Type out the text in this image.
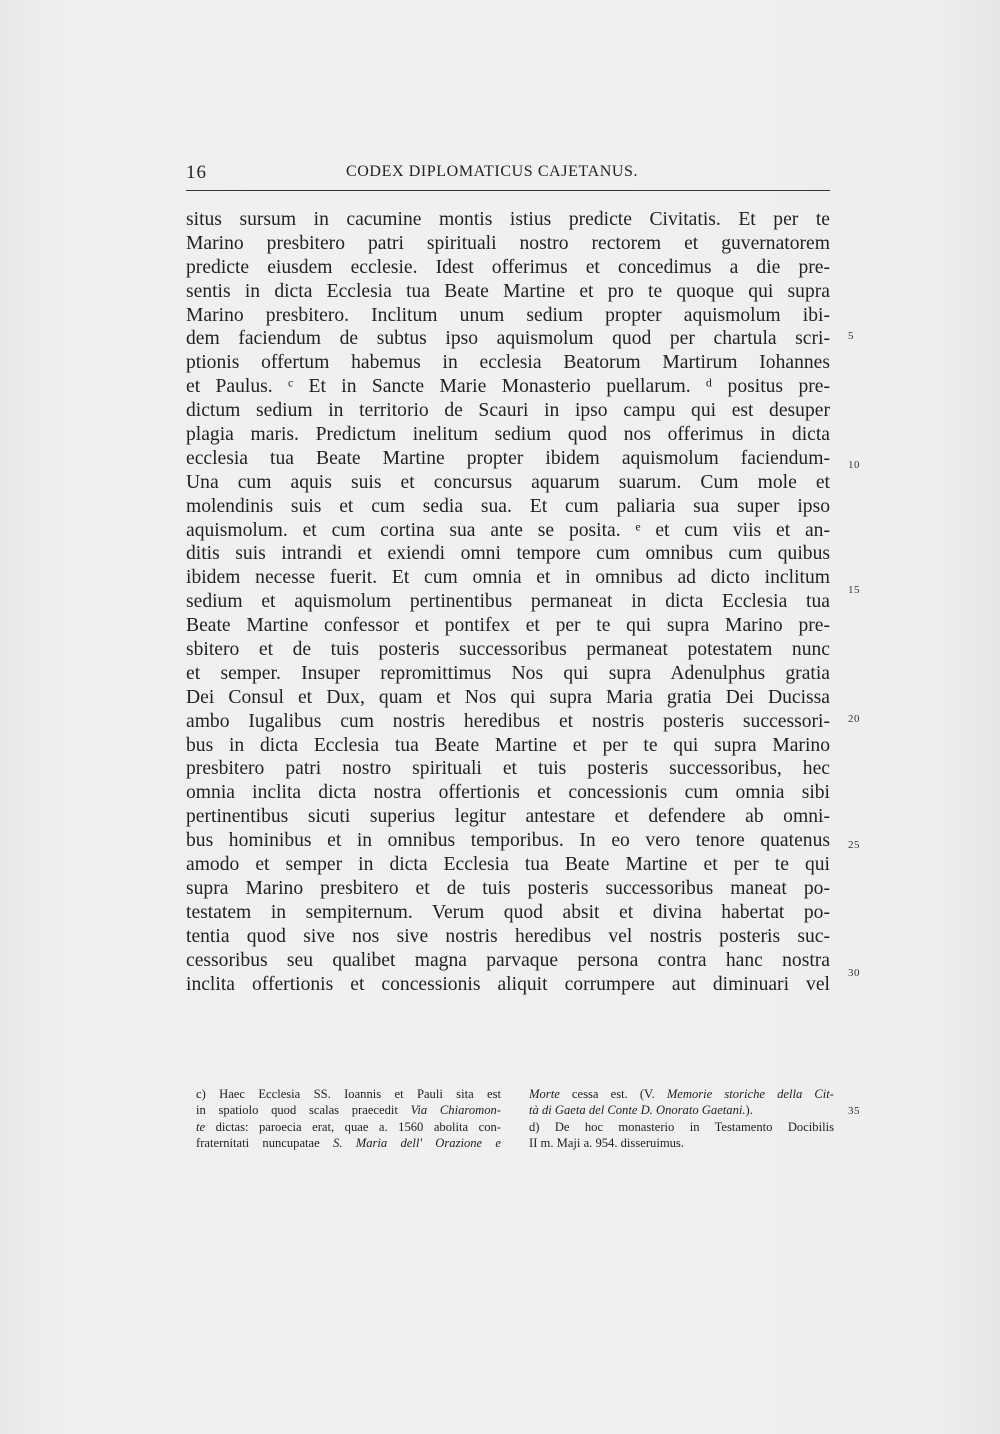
16	CODEX DIPLOMATICUS CAJETANUS.
situs sursum in cacumine montis istius predicte Civitatis. Et per te
Marino presbitero patri spirituali nostro rectorem et guvernatorem
predicte eiusdem ecclesie. Idest offerimus et concedimus a die pre-
sentis in dicta Ecclesia tua Beate Martine et pro te quoque qui supra
Marino presbitero. Inclitum unum sedium propter aquismolum ibi-
dem faciendum de subtus ipso aquismolum quod per chartula scri-
ptionis offertum habemus in ecclesia Beatorum Martirum Iohannes
et Paulus. ᶜ Et in Sancte Marie Monasterio puellarum. ᵈ positus pre-
dictum sedium in territorio de Scauri in ipso campu qui est desuper
plagia maris. Predictum inelitum sedium quod nos offerimus in dicta
ecclesia tua Beate Martine propter ibidem aquismolum faciendum-
Una cum aquis suis et concursus aquarum suarum. Cum mole et
molendinis suis et cum sedia sua. Et cum paliaria sua super ipso
aquismolum. et cum cortina sua ante se posita. ᵉ et cum viis et an-
ditis suis intrandi et exiendi omni tempore cum omnibus cum quibus
ibidem necesse fuerit. Et cum omnia et in omnibus ad dicto inclitum
sedium et aquismolum pertinentibus permaneat in dicta Ecclesia tua
Beate Martine confessor et pontifex et per te qui supra Marino pre-
sbitero et de tuis posteris successoribus permaneat potestatem nunc
et semper. Insuper repromittimus Nos qui supra Adenulphus gratia
Dei Consul et Dux, quam et Nos qui supra Maria gratia Dei Ducissa
ambo Iugalibus cum nostris heredibus et nostris posteris successori-
bus in dicta Ecclesia tua Beate Martine et per te qui supra Marino
presbitero patri nostro spirituali et tuis posteris successoribus, hec
omnia inclita dicta nostra offertionis et concessionis cum omnia sibi
pertinentibus sicuti superius legitur antestare et defendere ab omni-
bus hominibus et in omnibus temporibus. In eo vero tenore quatenus
amodo et semper in dicta Ecclesia tua Beate Martine et per te qui
supra Marino presbitero et de tuis posteris successoribus maneat po-
testatem in sempiternum. Verum quod absit et divina habertat po-
tentia quod sive nos sive nostris heredibus vel nostris posteris suc-
cessoribus seu qualibet magna parvaque persona contra hanc nostra
inclita offertionis et concessionis aliquit corrumpere aut diminuari vel
5
10
15
20
25
30
35
c) Haec Ecclesia SS. Ioannis et Pauli sita est
in spatiolo quod scalas praecedit Via Chiaromon-
te dictas: paroecia erat, quae a. 1560 abolita con-
fraternitati nuncupatae S. Maria dell' Orazione e
Morte cessa est. (V. Memorie storiche della Cit-
tà di Gaeta del Conte D. Onorato Gaetani.).
d) De hoc monasterio in Testamento Docibilis
II m. Maji a. 954. disseruimus.
